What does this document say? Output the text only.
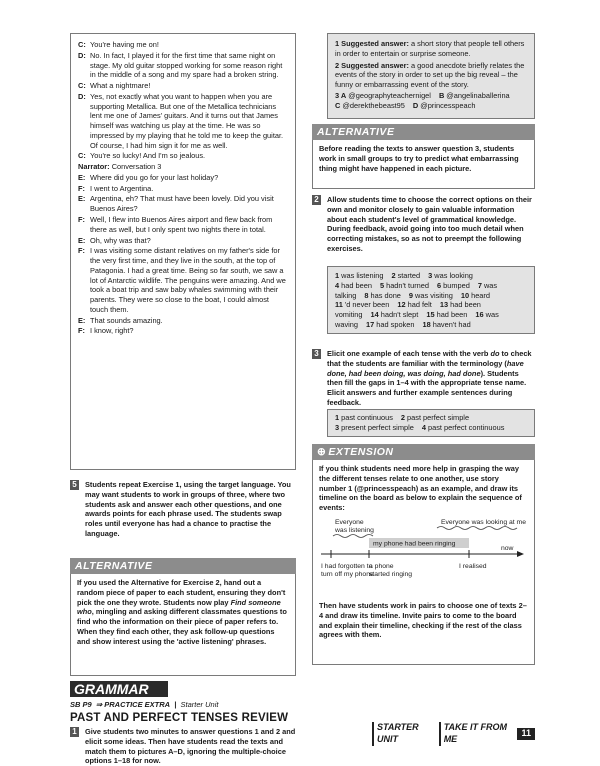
C: You're having me on!
D: No. In fact, I played it for the first time that same night on stage. My old guitar stopped working for some reason right in the middle of a song and my spare had a broken string.
C: What a nightmare!
D: Yes, not exactly what you want to happen when you are supporting Metallica. But one of the Metallica technicians lent me one of James' guitars. And it turns out that James himself was watching us play at the time. He was so impressed by my playing that he told me to keep the guitar. Of course, I had him sign it for me as well.
C: You're so lucky! And I'm so jealous.
Narrator: Conversation 3
E: Where did you go for your last holiday?
F: I went to Argentina.
E: Argentina, eh? That must have been lovely. Did you visit Buenos Aires?
F: Well, I flew into Buenos Aires airport and flew back from there as well, but I only spent two nights there in total.
E: Oh, why was that?
F: I was visiting some distant relatives on my father's side for the very first time, and they live in the south, at the top of Patagonia. I had a great time. Being so far south, we saw a lot of Antarctic wildlife. The penguins were amazing. And we took a boat trip and saw baby whales swimming with their parents. They were so close to the boat, I could almost touch them.
E: That sounds amazing.
F: I know, right?
5	Students repeat Exercise 1, using the target language. You may want students to work in groups of three, where two students ask and answer each other questions, and one awards points for each phrase used. The students swap roles until everyone has had a chance to practise the language.
ALTERNATIVE
If you used the Alternative for Exercise 2, hand out a random piece of paper to each student, ensuring they don't pick the one they wrote. Students now play Find someone who, mingling and asking different classmates questions to find who the information on their piece of paper refers to. When they find each other, they ask follow-up questions and show interest using the 'active listening' phrases.
GRAMMAR
SB P9 ⇒ PRACTICE EXTRA  |  Starter Unit
PAST AND PERFECT TENSES REVIEW
1	Give students two minutes to answer questions 1 and 2 and elicit some ideas. Then have students read the texts and match them to pictures A–D, ignoring the multiple-choice options 1–18 for now.
1 Suggested answer: a short story that people tell others in order to entertain or surprise someone.
2 Suggested answer: a good anecdote briefly relates the events of the story in order to set up the big reveal – the funny or embarrassing event of the story.
3 A @geographyteachernigel B @angelinaballerina
C @derekthebeast95 D @princesspeach
ALTERNATIVE
Before reading the texts to answer question 3, students work in small groups to try to predict what embarrassing thing might have happened in each picture.
2	Allow students time to choose the correct options on their own and monitor closely to gain valuable information about each student's level of grammatical knowledge. During feedback, avoid going into too much detail when correcting mistakes, so as not to preempt the following exercises.
1 was listening 2 started 3 was looking
4 had been 5 hadn't turned 6 bumped 7 was
talking 8 has done 9 was visiting 10 heard
11 'd never been 12 had felt 13 had been
vomiting 14 hadn't slept 15 had been 16 was
waving 17 had spoken 18 haven't had
3	Elicit one example of each tense with the verb do to check that the students are familiar with the terminology (have done, had been doing, was doing, had done). Students then fill the gaps in 1–4 with the appropriate tense name. Elicit answers and further example sentences during feedback.
1 past continuous 2 past perfect simple
3 present perfect simple 4 past perfect continuous
⊕ EXTENSION
If you think students need more help in grasping the way the different tenses relate to one another, use story number 1 (@princesspeach) as an example, and draw its timeline on the board as below to explain the sequence of events:
Everyone
was listening
Everyone was looking at me
my phone had been ringing
now
I had forgotten to
turn off my phone
a phone
started ringing
I realised
Then have students work in pairs to choose one of texts 2–4 and draw its timeline. Invite pairs to come to the board and explain their timeline, checking if the rest of the class agrees with them.
STARTER UNIT
TAKE IT FROM ME
11
